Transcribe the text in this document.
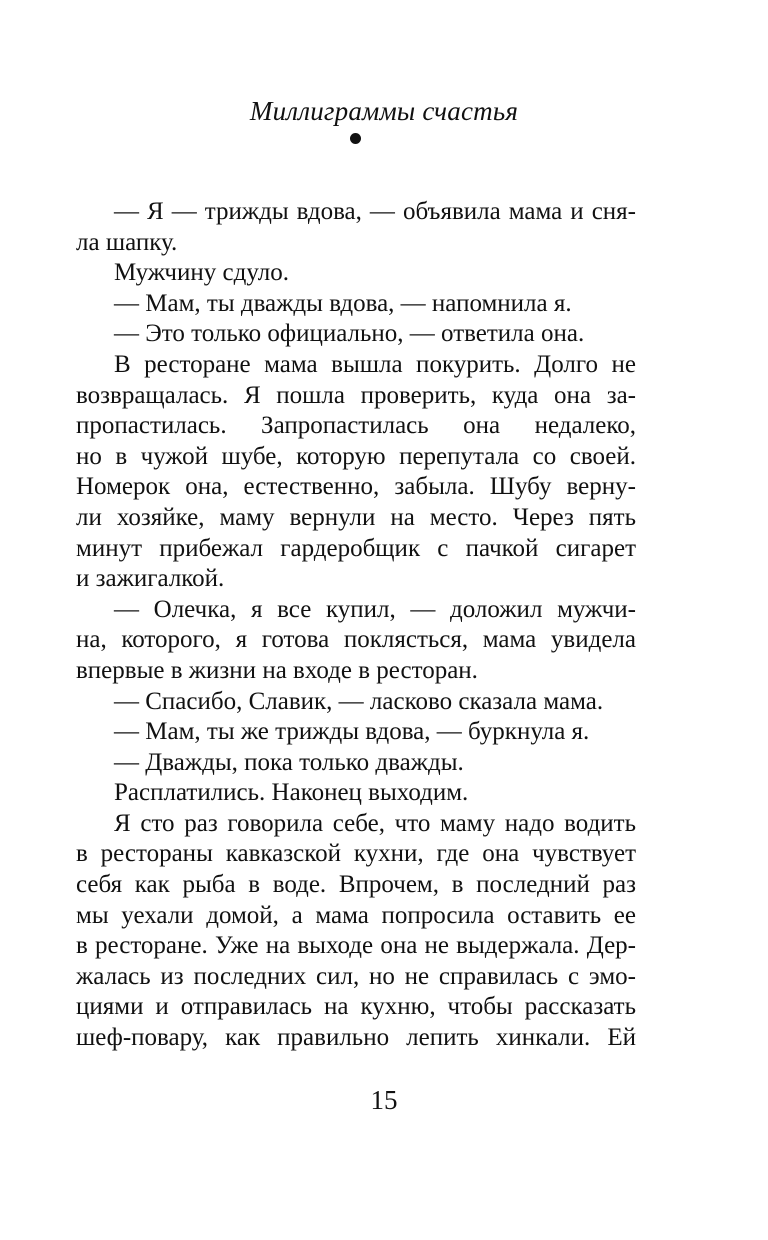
Миллиграммы счастья
— Я — трижды вдова, — объявила мама и сня-
ла шапку.
Мужчину сдуло.
— Мам, ты дважды вдова, — напомнила я.
— Это только официально, — ответила она.
В ресторане мама вышла покурить. Долго не
возвращалась. Я пошла проверить, куда она за-
пропастилась. Запропастилась она недалеко,
но в чужой шубе, которую перепутала со своей.
Номерок она, естественно, забыла. Шубу верну-
ли хозяйке, маму вернули на место. Через пять
минут прибежал гардеробщик с пачкой сигарет
и зажигалкой.
— Олечка, я все купил, — доложил мужчи-
на, которого, я готова поклясться, мама увидела
впервые в жизни на входе в ресторан.
— Спасибо, Славик, — ласково сказала мама.
— Мам, ты же трижды вдова, — буркнула я.
— Дважды, пока только дважды.
Расплатились. Наконец выходим.
Я сто раз говорила себе, что маму надо водить
в рестораны кавказской кухни, где она чувствует
себя как рыба в воде. Впрочем, в последний раз
мы уехали домой, а мама попросила оставить ее
в ресторане. Уже на выходе она не выдержала. Дер-
жалась из последних сил, но не справилась с эмо-
циями и отправилась на кухню, чтобы рассказать
шеф-повару, как правильно лепить хинкали. Ей
15
